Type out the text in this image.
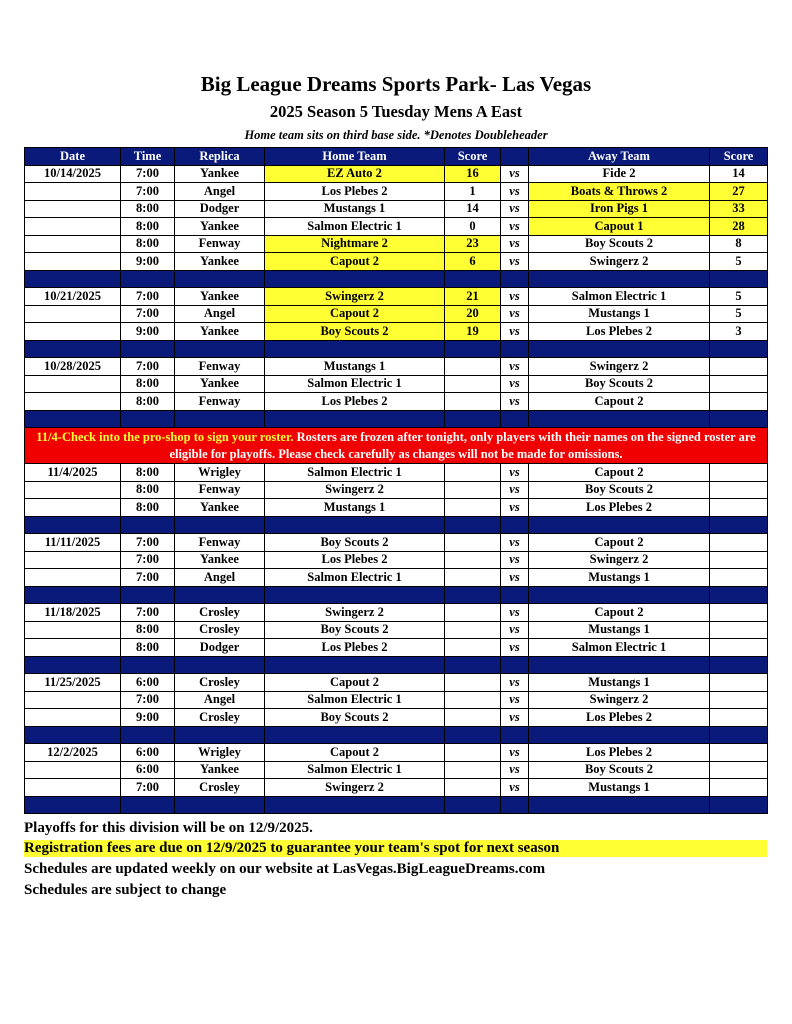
Big League Dreams Sports Park- Las Vegas
2025 Season 5 Tuesday Mens A East
Home team sits on third base side. *Denotes Doubleheader
Date	Time	Replica	Home Team	Score		Away Team	Score
10/14/2025	7:00	Yankee	EZ Auto 2	16	vs	Fide 2	14
	7:00	Angel	Los Plebes 2	1	vs	Boats & Throws 2	27
	8:00	Dodger	Mustangs 1	14	vs	Iron Pigs 1	33
	8:00	Yankee	Salmon Electric 1	0	vs	Capout 1	28
	8:00	Fenway	Nightmare 2	23	vs	Boy Scouts 2	8
	9:00	Yankee	Capout 2	6	vs	Swingerz 2	5

10/21/2025	7:00	Yankee	Swingerz 2	21	vs	Salmon Electric 1	5
	7:00	Angel	Capout 2	20	vs	Mustangs 1	5
	9:00	Yankee	Boy Scouts 2	19	vs	Los Plebes 2	3

10/28/2025	7:00	Fenway	Mustangs 1		vs	Swingerz 2	
	8:00	Yankee	Salmon Electric 1		vs	Boy Scouts 2	
	8:00	Fenway	Los Plebes 2		vs	Capout 2	

11/4-Check into the pro-shop to sign your roster. Rosters are frozen after tonight, only players with their names on the signed roster are eligible for playoffs. Please check carefully as changes will not be made for omissions.							
11/4/2025	8:00	Wrigley	Salmon Electric 1		vs	Capout 2	
	8:00	Fenway	Swingerz 2		vs	Boy Scouts 2	
	8:00	Yankee	Mustangs 1		vs	Los Plebes 2	

11/11/2025	7:00	Fenway	Boy Scouts 2		vs	Capout 2	
	7:00	Yankee	Los Plebes 2		vs	Swingerz 2	
	7:00	Angel	Salmon Electric 1		vs	Mustangs 1	

11/18/2025	7:00	Crosley	Swingerz 2		vs	Capout 2	
	8:00	Crosley	Boy Scouts 2		vs	Mustangs 1	
	8:00	Dodger	Los Plebes 2		vs	Salmon Electric 1	

11/25/2025	6:00	Crosley	Capout 2		vs	Mustangs 1	
	7:00	Angel	Salmon Electric 1		vs	Swingerz 2	
	9:00	Crosley	Boy Scouts 2		vs	Los Plebes 2	

12/2/2025	6:00	Wrigley	Capout 2		vs	Los Plebes 2	
	6:00	Yankee	Salmon Electric 1		vs	Boy Scouts 2	
	7:00	Crosley	Swingerz 2		vs	Mustangs 1	

Playoffs for this division will be on 12/9/2025.
Registration fees are due on 12/9/2025 to guarantee your team's spot for next season
Schedules are updated weekly on our website at LasVegas.BigLeagueDreams.com
Schedules are subject to change
